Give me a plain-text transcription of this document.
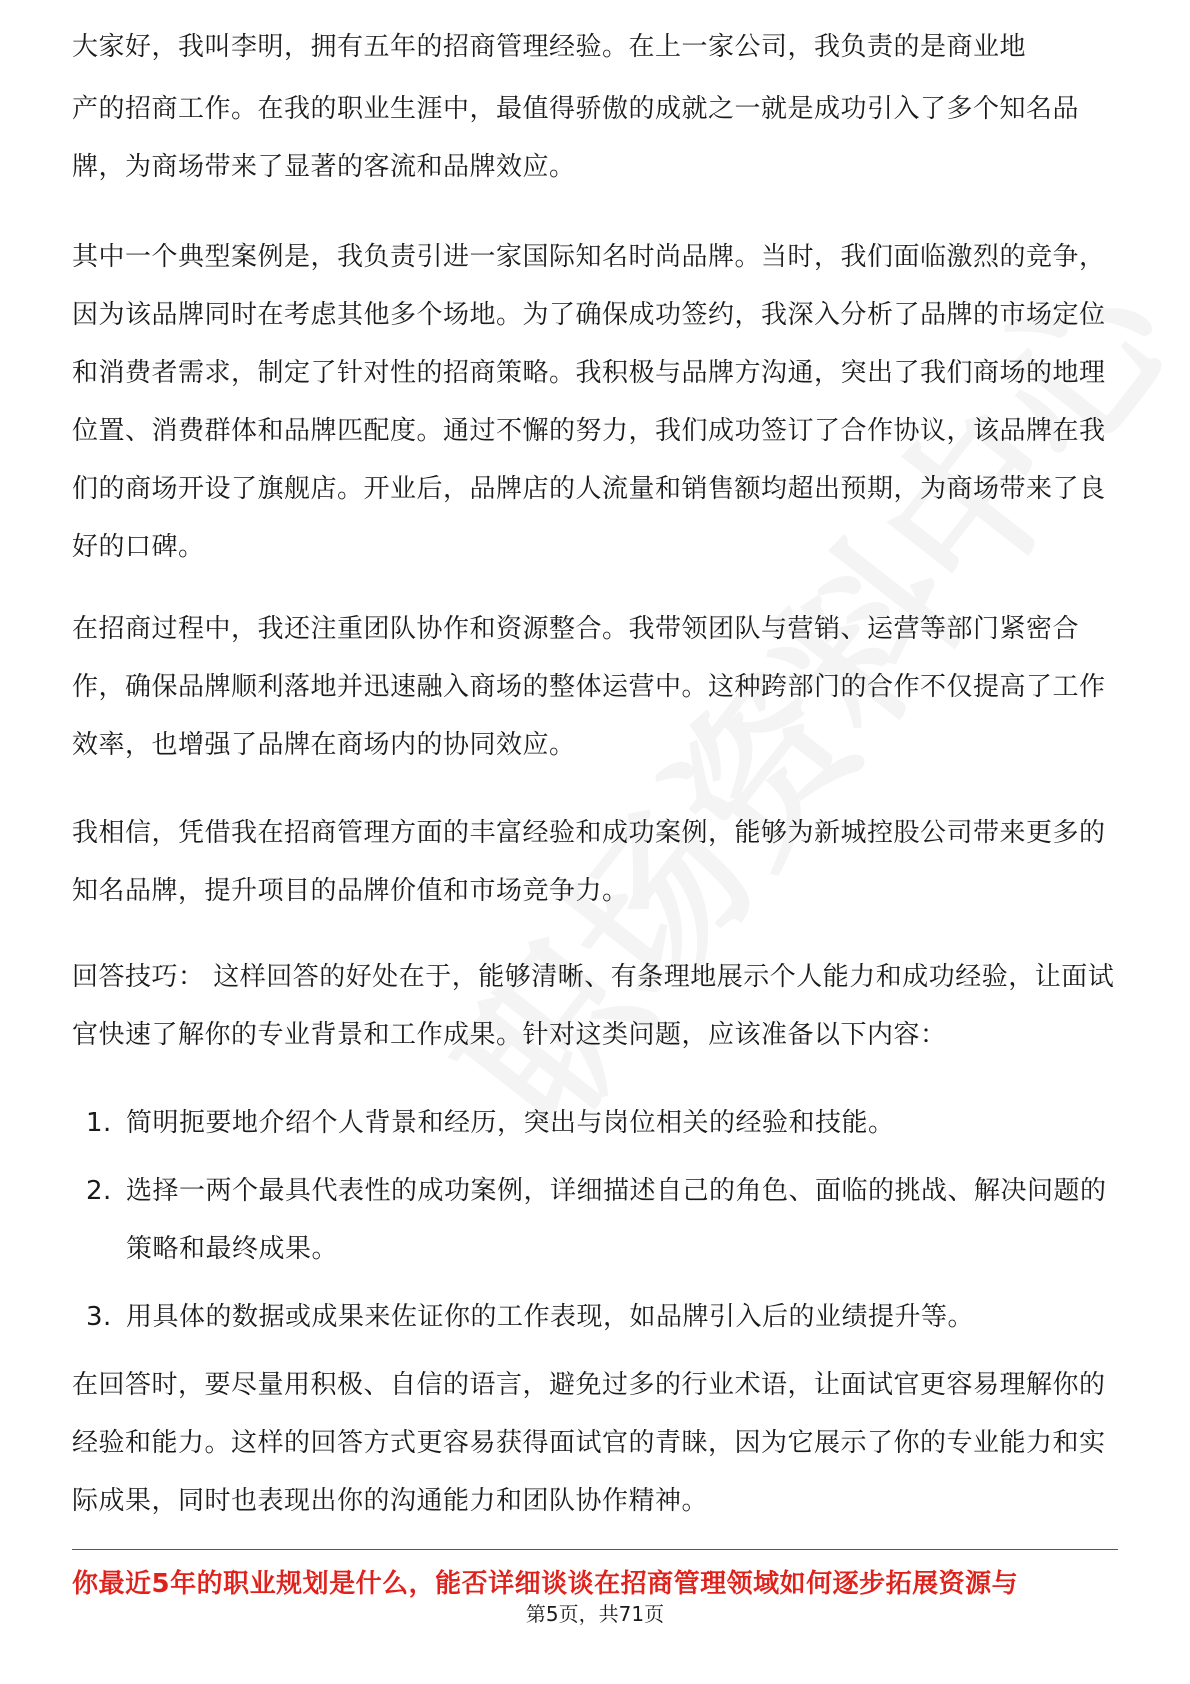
大家好，我叫李明，拥有五年的招商管理经验。在上一家公司，我负责的是商业地

产的招商工作。在我的职业生涯中，最值得骄傲的成就之一就是成功引入了多个知名品牌，为商场带来了显著的客流和品牌效应。

其中一个典型案例是，我负责引进一家国际知名时尚品牌。当时，我们面临激烈的竞争，因为该品牌同时在考虑其他多个场地。为了确保成功签约，我深入分析了品牌的市场定位和消费者需求，制定了针对性的招商策略。我积极与品牌方沟通，突出了我们商场的地理位置、消费群体和品牌匹配度。通过不懈的努力，我们成功签订了合作协议，该品牌在我们的商场开设了旗舰店。开业后，品牌店的人流量和销售额均超出预期，为商场带来了良好的口碑。

在招商过程中，我还注重团队协作和资源整合。我带领团队与营销、运营等部门紧密合作，确保品牌顺利落地并迅速融入商场的整体运营中。这种跨部门的合作不仅提高了工作效率，也增强了品牌在商场内的协同效应。

我相信，凭借我在招商管理方面的丰富经验和成功案例，能够为新城控股公司带来更多的知名品牌，提升项目的品牌价值和市场竞争力。

回答技巧： 这样回答的好处在于，能够清晰、有条理地展示个人能力和成功经验，让面试官快速了解你的专业背景和工作成果。针对这类问题，应该准备以下内容：

1. 简明扼要地介绍个人背景和经历，突出与岗位相关的经验和技能。
2. 选择一两个最具代表性的成功案例，详细描述自己的角色、面临的挑战、解决问题的策略和最终成果。
3. 用具体的数据或成果来佐证你的工作表现，如品牌引入后的业绩提升等。

在回答时，要尽量用积极、自信的语言，避免过多的行业术语，让面试官更容易理解你的经验和能力。这样的回答方式更容易获得面试官的青睐，因为它展示了你的专业能力和实际成果，同时也表现出你的沟通能力和团队协作精神。

你最近5年的职业规划是什么，能否详细谈谈在招商管理领域如何逐步拓展资源与
第5页，共71页
